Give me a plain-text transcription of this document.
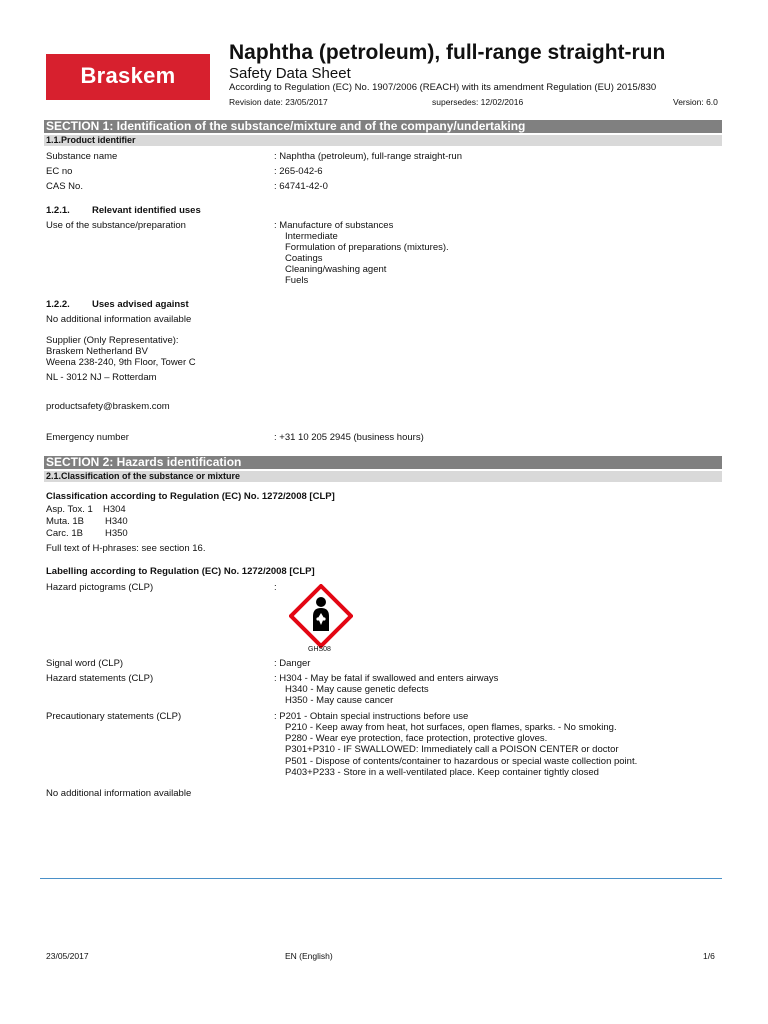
Braskem
Naphtha (petroleum), full-range straight-run
Safety Data Sheet
According to Regulation (EC) No. 1907/2006 (REACH) with its amendment Regulation (EU) 2015/830
Revision date: 23/05/2017	supersedes: 12/02/2016	Version: 6.0
SECTION 1: Identification of the substance/mixture and of the company/undertaking
1.1.Product identifier
Substance name	: Naphtha (petroleum), full-range straight-run
EC no	: 265-042-6
CAS No.	: 64741-42-0
1.2.1. Relevant identified uses
Use of the substance/preparation	: Manufacture of substances
Intermediate
Formulation of preparations (mixtures).
Coatings
Cleaning/washing agent
Fuels
1.2.2. Uses advised against
No additional information available
Supplier (Only Representative):
Braskem Netherland BV
Weena 238-240, 9th Floor, Tower C
NL - 3012 NJ – Rotterdam
productsafety@braskem.com
Emergency number	: +31 10 205 2945 (business hours)
SECTION 2: Hazards identification
2.1.Classification of the substance or mixture
Classification according to Regulation (EC) No. 1272/2008 [CLP]
Asp. Tox. 1 H304
Muta. 1B H340
Carc. 1B H350
Full text of H-phrases: see section 16.
Labelling according to Regulation (EC) No. 1272/2008 [CLP]
Hazard pictograms (CLP)	:
GHS08
Signal word (CLP)	: Danger
Hazard statements (CLP)	: H304 - May be fatal if swallowed and enters airways
H340 - May cause genetic defects
H350 - May cause cancer
Precautionary statements (CLP)	: P201 - Obtain special instructions before use
P210 - Keep away from heat, hot surfaces, open flames, sparks. - No smoking.
P280 - Wear eye protection, face protection, protective gloves.
P301+P310 - IF SWALLOWED: Immediately call a POISON CENTER or doctor
P501 - Dispose of contents/container to hazardous or special waste collection point.
P403+P233 - Store in a well-ventilated place. Keep container tightly closed
No additional information available
23/05/2017	EN (English)	1/6
